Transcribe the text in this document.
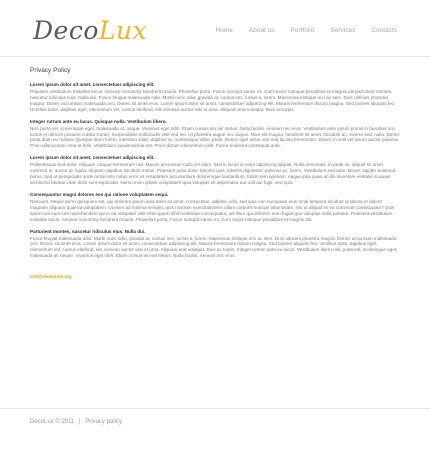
DecoLux	Home About us Portfolio Services Contacts
Privacy Policy

Lorem ipsum dolor sit amet, consectetuer adipiscing elit.

Praesent vestibulum molestie lacus. Aenean nonummy hendrerit mauris. Phasellus porta. Fusce suscipit varius mi. Cum sociis natoque penatibus et magnis dis parturient montes, nascetur ridiculus mus. Nulla dui. Fusce feugiat malesuada odio. Morbi nunc odio, gravida at, cursus nec, luctus a, lorem. Maecenas tristique orci ac sem. Duis ultricies pharetra magna. Donec accumsan malesuada orci. Donec sit amet eros. Lorem ipsum dolor sit amet, consectetuer adipiscing elit. Mauris fermentum dictum magna. Sed laoreet aliquam leo. Ut tellus dolor, dapibus eget, elementum vel, cursus eleifend, elit. Aenean auctor wisi et urna. Aliquam erat volutpat. Duis ac turpis.

Integer rutrum ante eu lacus. Quisque nulla. Vestibulum libero.

Nisl, porta vel, scelerisque eget, malesuada at, neque. Vivamus eget nibh. Etiam cursus leo vel metus. Nulla facilisi. Aenean nec eros. Vestibulum ante ipsum primis in faucibus orci luctus et ultrices posuere cubilia Curae; Suspendisse sollicitudin velit sed leo. Ut pharetra augue nec augue. Nam elit magna, hendrerit sit amet, tincidunt ac, viverra sed, nulla. Donec porta diam eu massa. Quisque diam lorem, interdum vitae, dapibus ac, scelerisque vitae, pede. Donec eget tellus non erat lacinia fermentum. Donec in velit vel ipsum auctor pulvinar. Proin ullamcorper urna et felis. Vestibulum iaculis lacinia est. Proin dictum elementum velit. Fusce euismod consequat ante.

Lorem ipsum dolor sit amet, consectetuer adipiscing elit.

Pellentesque sed dolor. Aliquam congue fermentum nisl. Mauris accumsan nulla vel diam. Sed in lacus ut enim adipiscing aliquet. Nulla venenatis. In pede mi, aliquet sit amet, euismod in, auctor ut, ligula. Aliquam dapibus tincidunt metus. Praesent justo dolor, lobortis quis, lobortis dignissim, pulvinar ac, lorem. Vestibulum sed ante. Donec sagittis euismod purus. Sed ut perspiciatis unde omnis iste natus error sit voluptatem accusantium doloremque laudantium, totam rem aperiam, eaque ipsa quae ab illo inventore veritatis et quasi architecto beatae vitae dicta sunt explicabo. Nemo enim ipsam voluptatem quia voluptas sit aspernatur aut odit aut fugit, sed quia.

Consequuntur magni dolores eos qui ratione voluptatem sequi.

Nesciunt. Neque porro quisquam est, qui dolorem ipsum quia dolor sit amet, consectetur, adipisci velit, sed quia non numquam eius modi tempora incidunt ut labore et dolore magnam aliquam quaerat voluptatem. Ut enim ad minima veniam, quis nostrum exercitationem ullam corporis suscipit laboriosam, nisi ut aliquid ex ea commodi consequatur? Quis autem vel eum iure reprehenderit qui in ea voluptate velit esse quam nihil molestiae consequatur, vel illum qui dolorem eum fugiat quo voluptas nulla pariatur. Praesent vestibulum molestie lacus. Aenean nonummy hendrerit mauris. Phasellus porta. Fusce suscipit varius mi. Cum sociis natoque penatibus et magnis dis.

Parturient montes, nascetur ridiculus mus. Nulla dui.

Fusce feugiat malesuada odio. Morbi nunc odio, gravida at, cursus nec, luctus a, lorem. Maecenas tristique orci ac sem. Duis ultricies pharetra magna. Donec accumsan malesuada orci. Donec sit amet eros. Lorem ipsum dolor sit amet, consectetuer adipiscing elit. Mauris fermentum dictum magna. Sed laoreet aliquam leo. Ut tellus dolor, dapibus eget, elementum vel, cursus eleifend, elit. Aenean auctor wisi et urna. Aliquam erat volutpat. Duis ac turpis. Integer rutrum ante eu lacus. Vestibulum libero nisl, porta vel, scelerisque eget, malesuada at, neque. Vivamus eget nibh. Etiam cursus leo vel metus. Nulla facilisi. Aenean nec eros.

info@demolink.org
DecoLux © 2011 | Privacy policy
